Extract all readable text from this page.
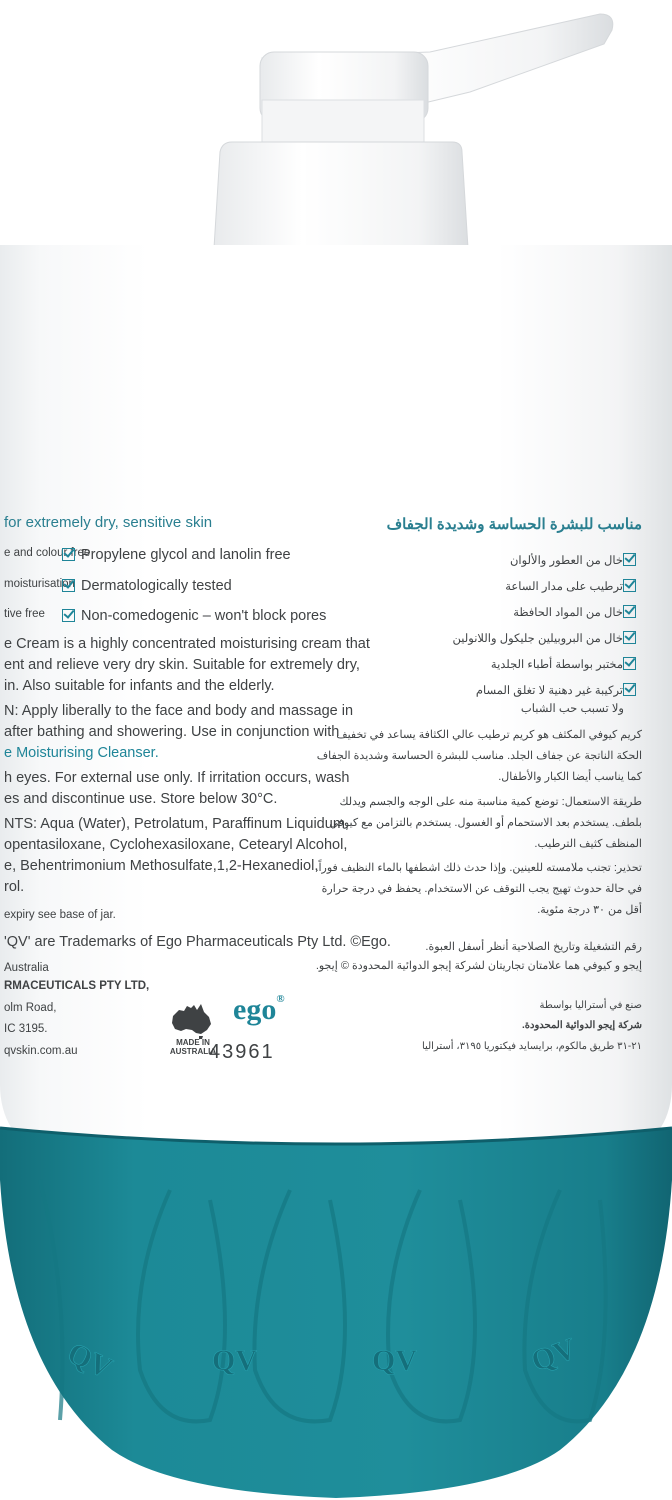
for extremely dry, sensitive skin
e and colour free
Propylene glycol and lanolin free
moisturisation Dermatologically tested
tive free	Non-comedogenic – won't block pores
e Cream is a highly concentrated moisturising cream that
ent and relieve very dry skin. Suitable for extremely dry,
in. Also suitable for infants and the elderly.
N: Apply liberally to the face and body and massage in
after bathing and showering. Use in conjunction with
e Moisturising Cleanser.
h eyes. For external use only. If irritation occurs, wash
es and discontinue use. Store below 30°C.
NTS: Aqua (Water), Petrolatum, Paraffinum Liquidum,
opentasiloxane, Cyclohexasiloxane, Cetearyl Alcohol,
e, Behentrimonium Methosulfate,1,2-Hexanediol,
rol.
expiry see base of jar.
'QV' are Trademarks of Ego Pharmaceuticals Pty Ltd. ©Ego.
Australia
RMACEUTICALS PTY LTD,
olm Road,
IC 3195.
qvskin.com.au
MADE IN
AUSTRALIA
ego®
43961
مناسب للبشرة الحساسة وشديدة الجفاف
خال من العطور والألوان
ترطيب على مدار الساعة
خال من المواد الحافظة
خال من البروبيلين جليكول واللانولين
مختبر بواسطة أطباء الجلدية
تركيبة غير دهنية لا تغلق المسام
ولا تسبب حب الشباب
كريم كيوفي المكثف هو كريم ترطيب عالي الكثافة يساعد في تخفيف الحكة الناتجة عن جفاف الجلد. مناسب للبشرة الحساسة وشديدة الجفاف كما يناسب أيضا الكبار والأطفال.
طريقة الاستعمال: توضع كمية مناسبة منه على الوجه والجسم ويدلك بلطف. يستخدم بعد الاستحمام أو الغسول. يستخدم بالتزامن مع كيوفي المنظف كثيف الترطيب.
تحذير: تجنب ملامسته للعينين. وإذا حدث ذلك اشطفها بالماء النظيف فوراً. في حالة حدوث تهيج يجب التوقف عن الاستخدام. يحفظ في درجة حرارة أقل من ٣٠ درجة مئوية.
رقم التشغيلة وتاريخ الصلاحية أنظر أسفل العبوة.
إيجو و كيوفي هما علامتان تجاريتان لشركة إيجو الدوائية المحدودة © إيجو.
صنع في أستراليا بواسطة
شركة إيجو الدوائية المحدودة.
٢١-٣١ طريق مالكوم، برايسايد فيكتوريا ٣١٩٥، أستراليا
QV	QV	QV	QV
